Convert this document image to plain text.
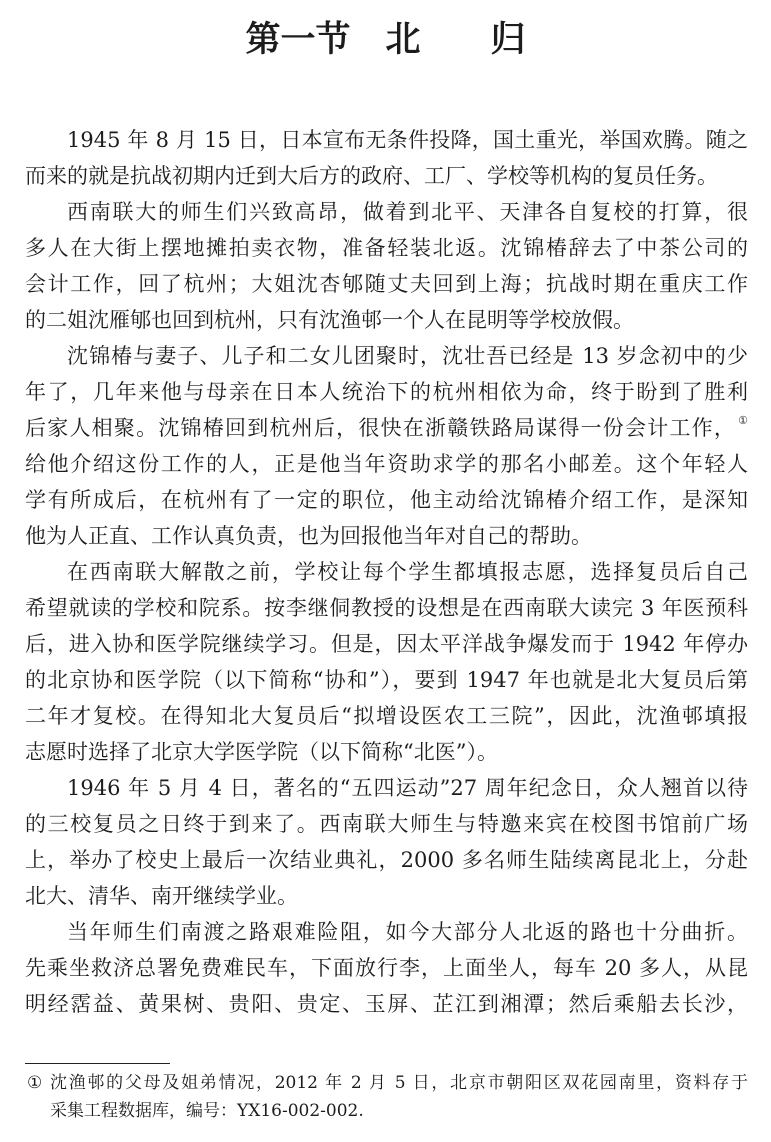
第一节　北　　归
1945 年 8 月 15 日，日本宣布无条件投降，国土重光，举国欢腾。随之
而来的就是抗战初期内迁到大后方的政府、工厂、学校等机构的复员任务。
西南联大的师生们兴致高昂，做着到北平、天津各自复校的打算，很
多人在大街上摆地摊拍卖衣物，准备轻装北返。沈锦椿辞去了中茶公司的
会计工作，回了杭州；大姐沈杏郇随丈夫回到上海；抗战时期在重庆工作
的二姐沈雁郇也回到杭州，只有沈渔邨一个人在昆明等学校放假。
沈锦椿与妻子、儿子和二女儿团聚时，沈壮吾已经是 13 岁念初中的少
年了，几年来他与母亲在日本人统治下的杭州相依为命，终于盼到了胜利
后家人相聚。沈锦椿回到杭州后，很快在浙赣铁路局谋得一份会计工作， ①
给他介绍这份工作的人，正是他当年资助求学的那名小邮差。这个年轻人
学有所成后，在杭州有了一定的职位，他主动给沈锦椿介绍工作，是深知
他为人正直、工作认真负责，也为回报他当年对自己的帮助。
在西南联大解散之前，学校让每个学生都填报志愿，选择复员后自己
希望就读的学校和院系。按李继侗教授的设想是在西南联大读完 3 年医预科
后，进入协和医学院继续学习。但是，因太平洋战争爆发而于 1942 年停办
的北京协和医学院（以下简称“协和”），要到 1947 年也就是北大复员后第
二年才复校。在得知北大复员后“拟增设医农工三院”，因此，沈渔邨填报
志愿时选择了北京大学医学院（以下简称“北医”）。
1946 年 5 月 4 日，著名的“五四运动”27 周年纪念日，众人翘首以待
的三校复员之日终于到来了。西南联大师生与特邀来宾在校图书馆前广场
上，举办了校史上最后一次结业典礼，2000 多名师生陆续离昆北上，分赴
北大、清华、南开继续学业。
当年师生们南渡之路艰难险阻，如今大部分人北返的路也十分曲折。
先乘坐救济总署免费难民车，下面放行李，上面坐人，每车 20 多人，从昆
明经霑益、黄果树、贵阳、贵定、玉屏、芷江到湘潭；然后乘船去长沙，
① 沈渔邨的父母及姐弟情况，2012 年 2 月 5 日，北京市朝阳区双花园南里，资料存于
采集工程数据库，编号：YX16-002-002.
